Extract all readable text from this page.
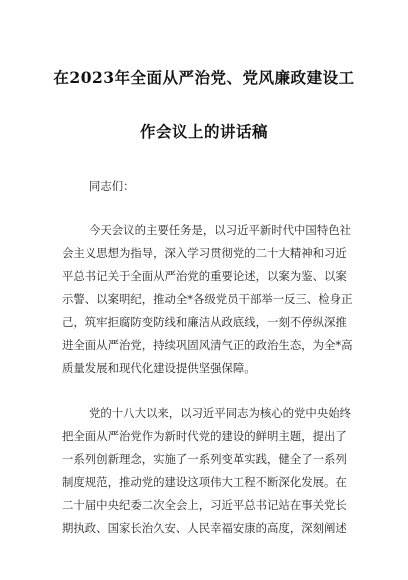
在2023年全面从严治党、党风廉政建设工
作会议上的讲话稿
同志们：
今天会议的主要任务是，以习近平新时代中国特色社
会主义思想为指导，深入学习贯彻党的二十大精神和习近
平总书记关于全面从严治党的重要论述，以案为鉴、以案
示警、以案明纪，推动全*各级党员干部举一反三、检身正
己，筑牢拒腐防变防线和廉洁从政底线，一刻不停纵深推
进全面从严治党，持续巩固风清气正的政治生态，为全*高
质量发展和现代化建设提供坚强保障。
党的十八大以来，以习近平同志为核心的党中央始终
把全面从严治党作为新时代党的建设的鲜明主题，提出了
一系列创新理念，实施了一系列变革实践，健全了一系列
制度规范，推动党的建设这项伟大工程不断深化发展。在
二十届中央纪委二次全会上，习近平总书记站在事关党长
期执政、国家长治久安、人民幸福安康的高度，深刻阐述
